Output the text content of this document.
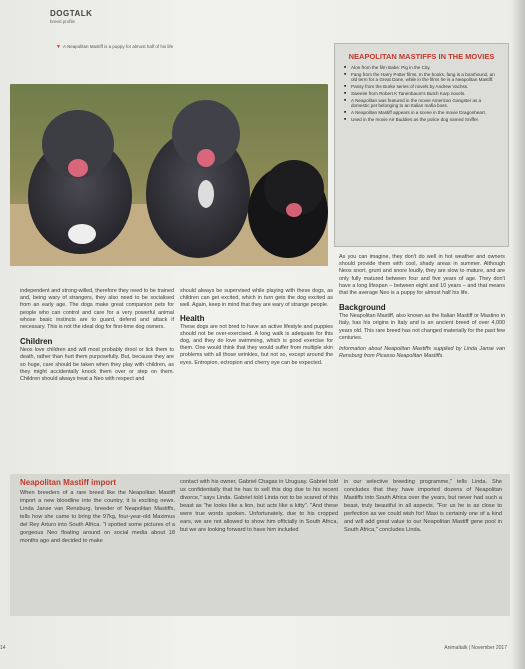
DOGTALK
breed profile
▼ A Neapolitan Mastiff is a puppy for almost half of his life
NEAPOLITAN MASTIFFS IN THE MOVIES
■ Alon from the film Babe: Pig in the City.
■ Fang from the Harry Potter films. In the books, fang is a boarhound, an old term for a Great Dane, while in the films he is a Neapolitan Mastiff.
■ Pansy from the Burke series of novels by Andrew Vachss.
■ Sweetie from Robert K Tanenbaum's Butch Karp novels.
■ A Neapolitan was featured in the movie American Gangster as a domestic pet belonging to an Italian mafia boss.
■ A Neapolitan Mastiff appears in a scene in the movie Dragonheart.
■ Used in the movie Air Buddies as the police dog named Sniffer.

As you can imagine, they don't do well in hot weather and owners should provide them with cool, shady areas in summer. Although Neos snort, grunt and snore loudly, they are slow to mature, and are only fully matured between four and five years of age. They don't have a long lifespan – between eight and 10 years – and that means that the average Neo is a puppy for almost half his life.

Background

The Neapolitan Mastiff, also known as the Italian Mastiff or Mastino in Italy, has his origins in Italy and is an ancient breed of over 4,000 years old. This rare breed has not changed materially for the past few centuries.

Information about Neapolitan Mastiffs supplied by Linda Janse van Rensburg from Picasso Neapolitan Mastiffs.

independent and strong-willed, therefore they need to be trained and, being wary of strangers, they also need to be socialised from an early age. The dogs make great companion pets for people who can control and care for a very powerful animal whose basic instincts are to guard, defend and attack if necessary. This is not the ideal dog for first-time dog owners.

Children

Neos love children and will most probably drool or lick them to death, rather than hurt them purposefully. But, because they are so huge, care should be taken when they play with children, as they might accidentally knock them over or step on them. Children should always treat a Neo with respect and

should always be supervised while playing with these dogs, as children can get excited, which in turn gets the dog excited as well. Again, keep in mind that they are wary of strange people.

Health

These dogs are not bred to have an active lifestyle and puppies should not be over-exercised. A long walk is adequate for this dog, and they do love swimming, which is good exercise for them. One would think that they would suffer from multiple skin problems with all those wrinkles, but not so, except around the eyes. Entropion, ectropion and cherry eye can be expected.

Neapolitan Mastiff import
When breeders of a rare breed like the Neapolitan Mastiff import a new bloodline into the country, it is exciting news. Linda Janse van Rensburg, breeder of Neapolitan Mastiffs, tells how she came to bring the 97kg, four-year-old Maximus del Rey Arturo into South Africa. "I spotted some pictures of a gorgeous Neo floating around on social media about 18 months ago and decided to make
contact with his owner, Gabriel Chagas in Uruguay. Gabriel told us confidentially that he has to sell this dog due to his recent divorce," says Linda. Gabriel told Linda not to be scared of this beast as "he looks like a lion, but acts like a kitty". "And these were true words spoken. Unfortunately, due to his cropped ears, we are not allowed to show him officially in South Africa, but we are looking forward to have him included
in our selective breeding programme," tells Linda. She concludes that they have imported dozens of Neapolitan Mastiffs into South Africa over the years, but never had such a beast, truly beautiful in all aspects. "For us he is as close to perfection as we could wish for! Maxi is certainly one of a kind and will add great value to our Neapolitan Mastiff gene pool in South Africa," concludes Linda.
14	Animaltalk | November 2017
